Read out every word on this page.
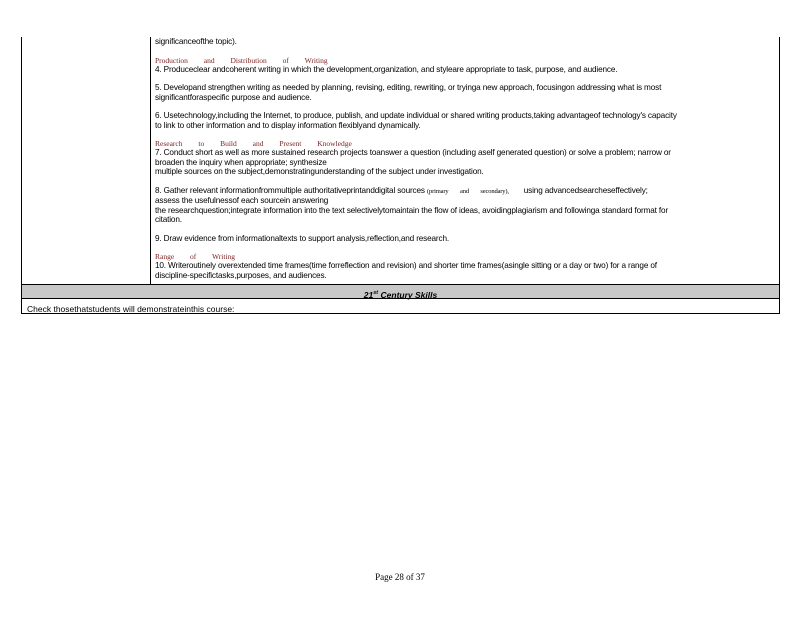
significanceofthe topic).
Production and Distribution of Writing
4. Produceclear andcoherent writing in which the development,organization, and styleare appropriate to task, purpose, and audience.
5. Developand strengthen writing as needed by planning, revising, editing, rewriting, or tryinga new approach, focusingon addressing what is most
significantforaspecific purpose and audience.
6. Usetechnology,including the Internet, to produce, publish, and update individual or shared writing products,taking advantageof technology's capacity
to link to other information and to display information flexiblyand dynamically.
Research to Build and Present Knowledge
7. Conduct short as well as more sustained research projects toanswer a question (including aself generated question) or solve a problem; narrow or
broaden the inquiry when appropriate; synthesize
multiple sources on the subject,demonstratingunderstanding of the subject under investigation.
8. Gather relevant informationfrommultiple authoritativeprintanddigital sources (primary and secondary), using advancedsearcheseffectively;
assess the usefulnessof each sourcein answering
the researchquestion;integrate information into the text selectivelytomaintain the flow of ideas, avoidingplagiarism and followinga standard format for
citation.
9. Draw evidence from informationaltexts to support analysis,reflection,and research.
Range of Writing
10. Writeroutinely overextended time frames(time forreflection and revision) and shorter time frames(asingle sitting or a day or two) for a range of
discipline-specifictasks,purposes, and audiences.
21st Century Skills
Check thosethatstudents will demonstrateinthis course:
Page 28 of 37
